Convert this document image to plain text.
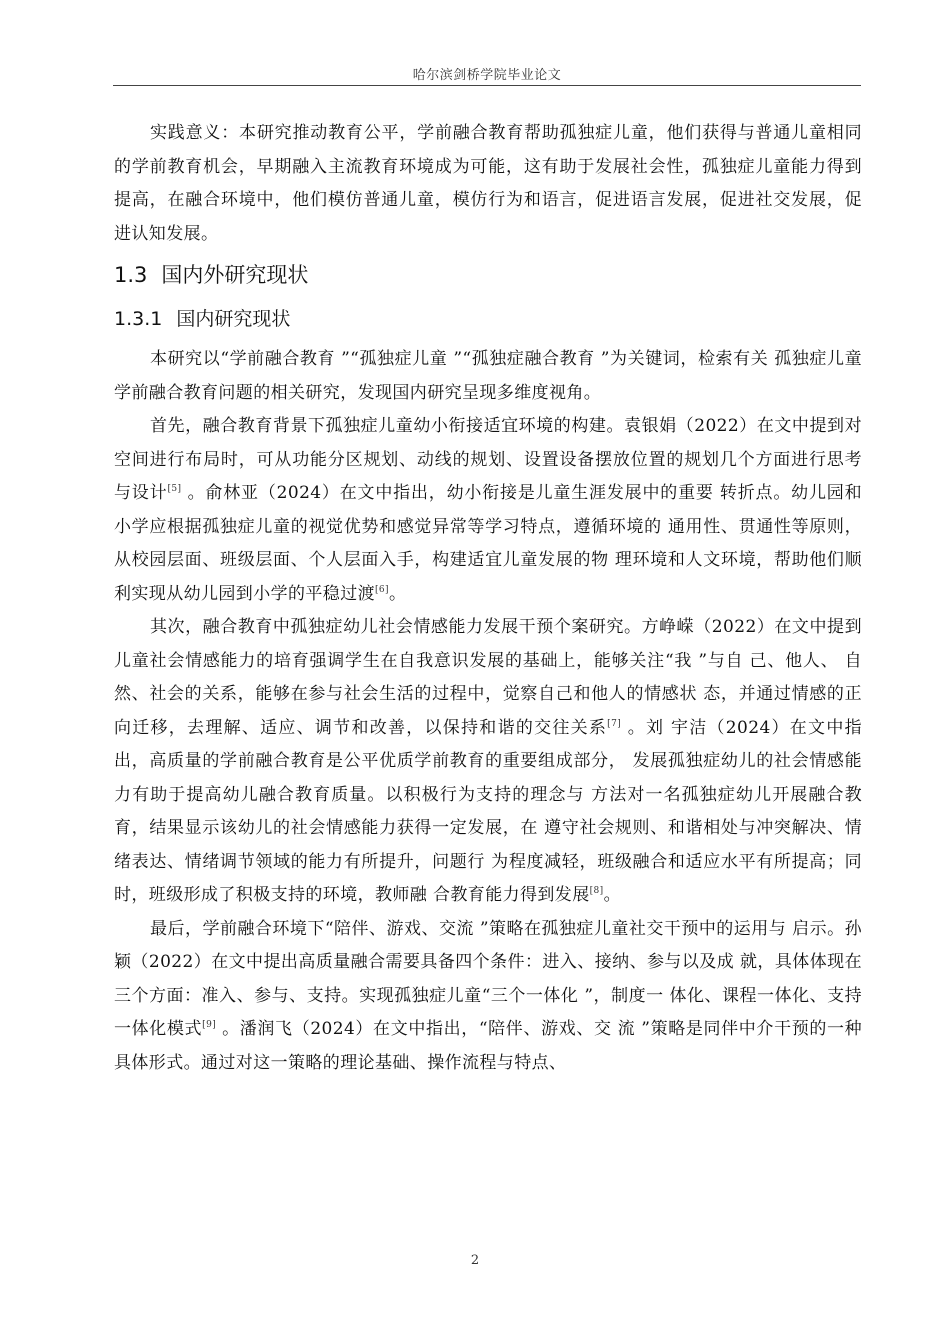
哈尔滨剑桥学院毕业论文

实践意义：本研究推动教育公平，学前融合教育帮助孤独症儿童，他们获得与普通儿童相同的学前教育机会，早期融入主流教育环境成为可能，这有助于发展社会性，孤独症儿童能力得到提高，在融合环境中，他们模仿普通儿童，模仿行为和语言，促进语言发展，促进社交发展，促进认知发展。

1.3 国内外研究现状
1.3.1 国内研究现状

本研究以“学前融合教育 ”“孤独症儿童 ”“孤独症融合教育 ”为关键词，检索有关 孤独症儿童学前融合教育问题的相关研究，发现国内研究呈现多维度视角。

首先，融合教育背景下孤独症儿童幼小衔接适宜环境的构建。袁银娟（2022）在文中提到对空间进行布局时，可从功能分区规划、动线的规划、设置设备摆放位置的规划几个方面进行思考与设计[5] 。俞林亚（2024）在文中指出，幼小衔接是儿童生涯发展中的重要 转折点。幼儿园和小学应根据孤独症儿童的视觉优势和感觉异常等学习特点，遵循环境的 通用性、贯通性等原则，从校园层面、班级层面、个人层面入手，构建适宜儿童发展的物 理环境和人文环境，帮助他们顺利实现从幼儿园到小学的平稳过渡[6]。

其次，融合教育中孤独症幼儿社会情感能力发展干预个案研究。方峥嵘（2022）在文中提到儿童社会情感能力的培育强调学生在自我意识发展的基础上，能够关注“我 ”与自 己、他人、 自然、社会的关系，能够在参与社会生活的过程中，觉察自己和他人的情感状 态，并通过情感的正向迁移，去理解、适应、调节和改善，以保持和谐的交往关系[7] 。刘 宇洁（2024）在文中指出，高质量的学前融合教育是公平优质学前教育的重要组成部分， 发展孤独症幼儿的社会情感能力有助于提高幼儿融合教育质量。以积极行为支持的理念与 方法对一名孤独症幼儿开展融合教育，结果显示该幼儿的社会情感能力获得一定发展，在 遵守社会规则、和谐相处与冲突解决、情绪表达、情绪调节领域的能力有所提升，问题行 为程度减轻，班级融合和适应水平有所提高；同时，班级形成了积极支持的环境，教师融 合教育能力得到发展[8]。

最后，学前融合环境下“陪伴、游戏、交流 ”策略在孤独症儿童社交干预中的运用与 启示。孙颖（2022）在文中提出高质量融合需要具备四个条件：进入、接纳、参与以及成 就，具体体现在三个方面：准入、参与、支持。实现孤独症儿童“三个一体化 ”，制度一 体化、课程一体化、支持一体化模式[9] 。潘润飞（2024）在文中指出，“陪伴、游戏、交 流 ”策略是同伴中介干预的一种具体形式。通过对这一策略的理论基础、操作流程与特点、

2
